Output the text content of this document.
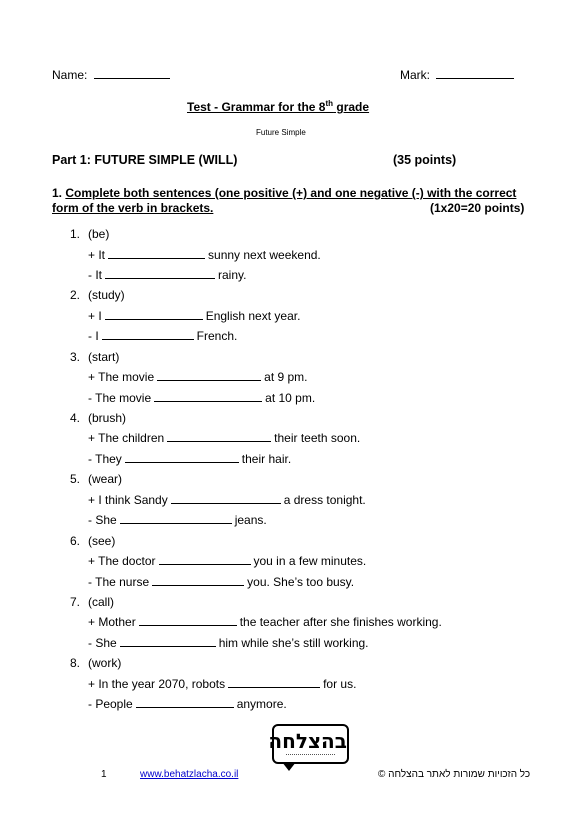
Name:	Mark:
Test - Grammar for the 8th grade
Future Simple
Part 1: FUTURE SIMPLE (WILL)	(35 points)
1. Complete both sentences (one positive (+) and one negative (-) with the correct
form of the verb in brackets.	(1x20=20 points)
1. (be)
+ It	sunny next weekend.
- It	rainy.
2. (study)
+ I	English next year.
- I	French.
3. (start)
+ The movie	at 9 pm.
- The movie	at 10 pm.
4. (brush)
+ The children	their teeth soon.
- They	their hair.
5. (wear)
+ I think Sandy	a dress tonight.
- She	jeans.
6. (see)
+ The doctor	you in a few minutes.
- The nurse	you. She’s too busy.
7. (call)
+ Mother	the teacher after she finishes working.
- She	him while she’s still working.
8. (work)
+ In the year 2070, robots	for us.
- People	anymore.
בהצלחה
1	www.behatzlacha.co.il	כל הזכויות שמורות לאתר בהצלחה ©
